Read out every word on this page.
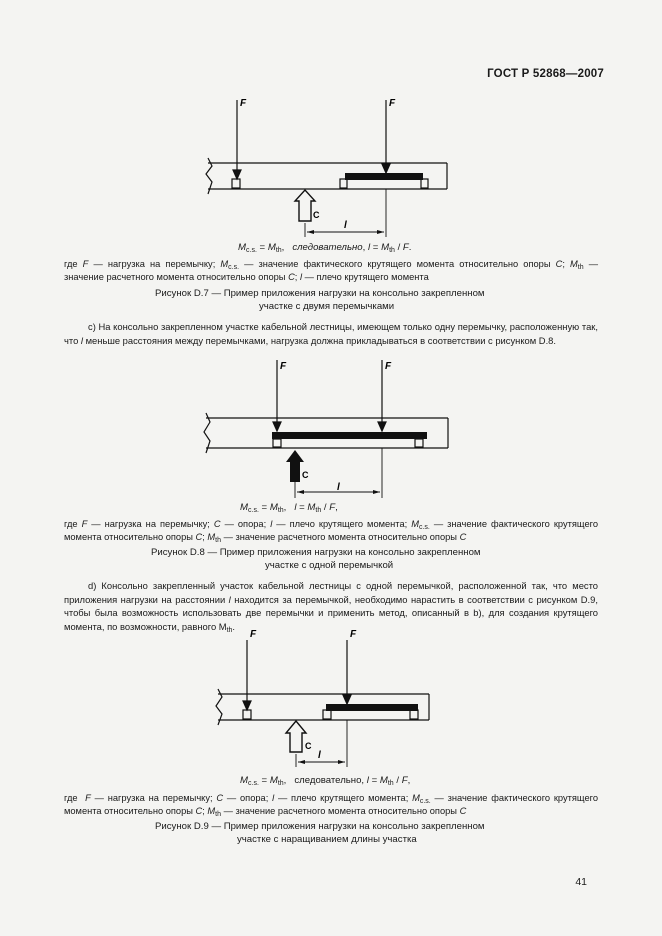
ГОСТ Р 52868—2007
F	F
C
l
$M_{c.s.} = M_{th}$,   следовательно, $l = M_{th} / F$.
где F — нагрузка на перемычку; $M_{c.s.}$ — значение фактического крутящего момента относительно опоры C; $M_{th}$ — значение расчетного момента относительно опоры C; l — плечо крутящего момента
Рисунок D.7 — Пример приложения нагрузки на консольно закрепленном
участке с двумя перемычками
c) На консольно закрепленном участке кабельной лестницы, имеющем только одну перемычку, расположенную так, что l меньше расстояния между перемычками, нагрузка должна прикладываться в соответствии с рисунком D.8.
F	F
C
l
$M_{c.s.} = M_{th}$,   $l = M_{th} / F$,
где F — нагрузка на перемычку; C — опора; l — плечо крутящего момента; $M_{c.s.}$ — значение фактического крутящего момента относительно опоры C; $M_{th}$ — значение расчетного момента относительно опоры C
Рисунок D.8 — Пример приложения нагрузки на консольно закрепленном
участке с одной перемычкой
d) Консольно закрепленный участок кабельной лестницы с одной перемычкой, расположенной так, что место приложения нагрузки на расстоянии l находится за перемычкой, необходимо нарастить в соответствии с рисунком D.9, чтобы была возможность использовать две перемычки и применить метод, описанный в b), для создания крутящего момента, по возможности, равного $M_{th}$.
F	F
C
l
$M_{c.s.} = M_{th}$,   следовательно, $l = M_{th} / F$,
где  F — нагрузка на перемычку; C — опора; l — плечо крутящего момента; $M_{c.s.}$ — значение фактического крутящего момента относительно опоры C; $M_{th}$ — значение расчетного момента относительно опоры C
Рисунок D.9 — Пример приложения нагрузки на консольно закрепленном
участке с наращиванием длины участка
41
